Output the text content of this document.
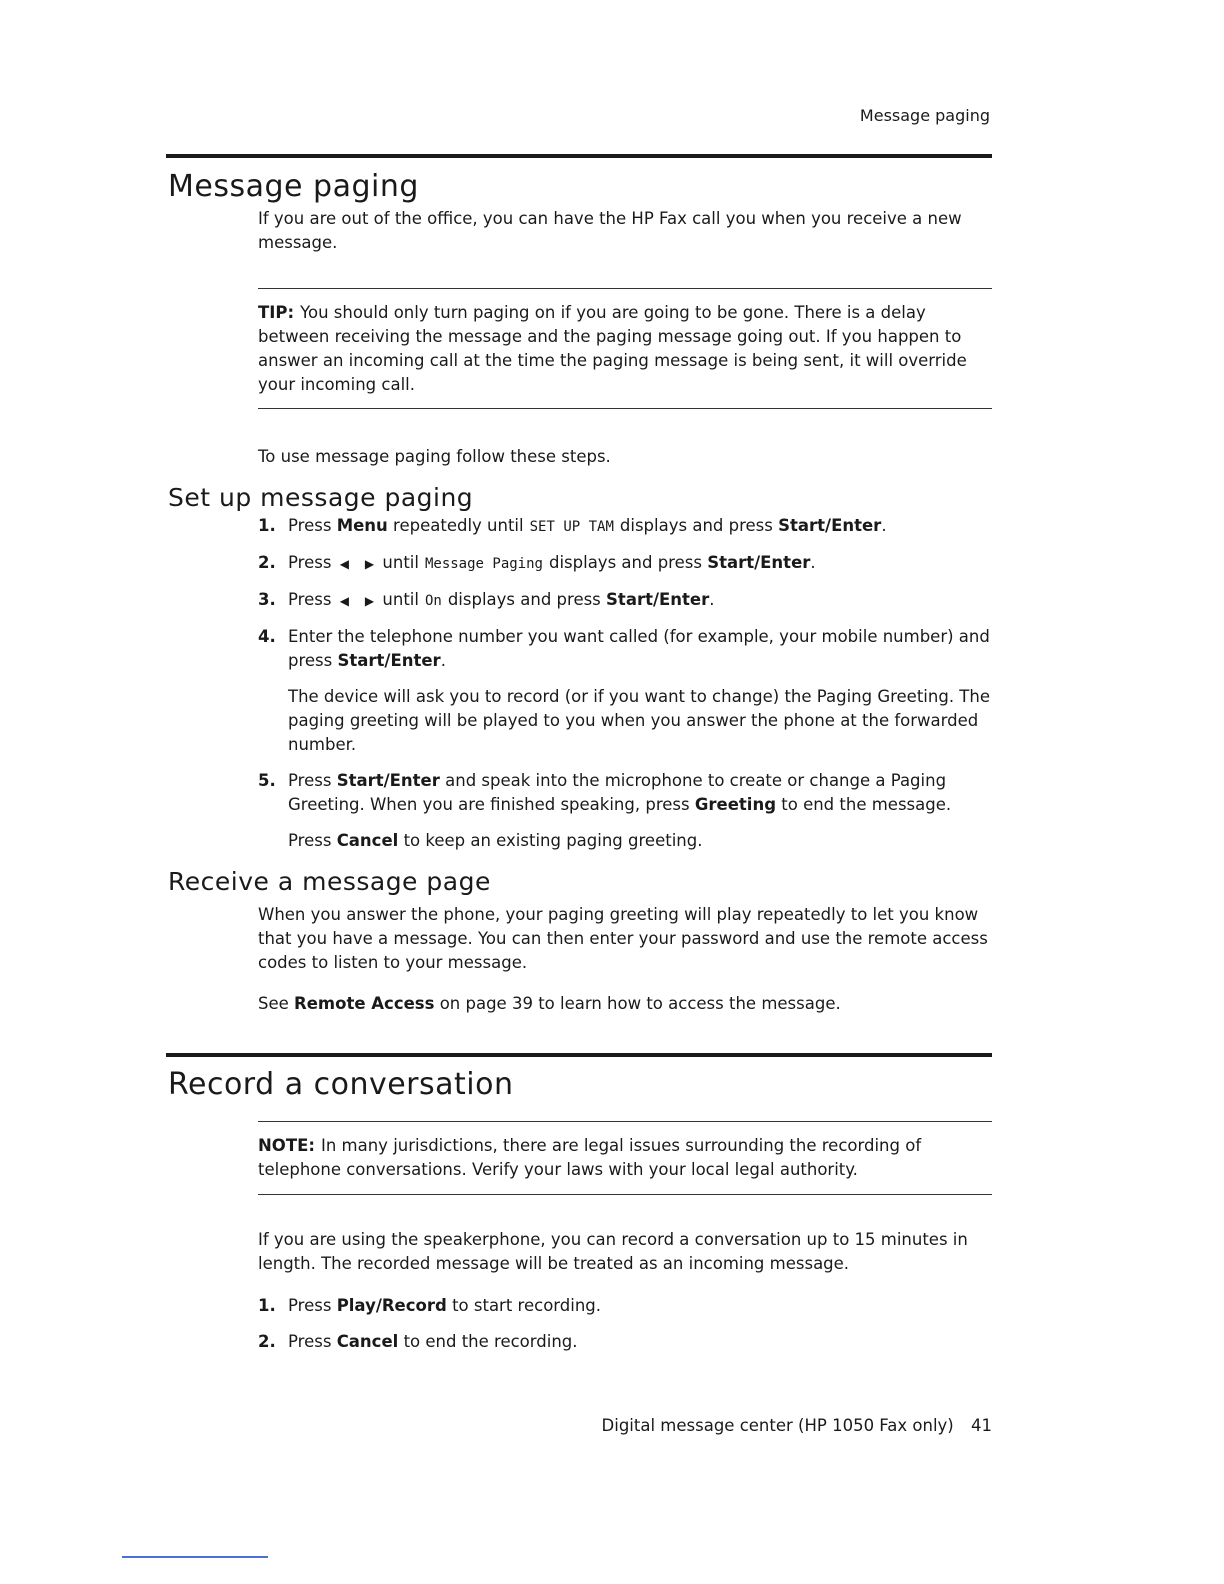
Message paging
Message paging

If you are out of the office, you can have the HP Fax call you when you receive a new message.

TIP: You should only turn paging on if you are going to be gone. There is a delay between receiving the message and the paging message going out. If you happen to answer an incoming call at the time the paging message is being sent, it will override your incoming call.

To use message paging follow these steps.

Set up message paging
1. Press Menu repeatedly until SET UP TAM displays and press Start/Enter.
2. Press ◀ ▶ until Message Paging displays and press Start/Enter.
3. Press ◀ ▶ until On displays and press Start/Enter.
4. Enter the telephone number you want called (for example, your mobile number) and press Start/Enter.
The device will ask you to record (or if you want to change) the Paging Greeting. The paging greeting will be played to you when you answer the phone at the forwarded number.
5. Press Start/Enter and speak into the microphone to create or change a Paging Greeting. When you are finished speaking, press Greeting to end the message.
Press Cancel to keep an existing paging greeting.
Receive a message page

When you answer the phone, your paging greeting will play repeatedly to let you know that you have a message. You can then enter your password and use the remote access codes to listen to your message.

See Remote Access on page 39 to learn how to access the message.

Record a conversation

NOTE: In many jurisdictions, there are legal issues surrounding the recording of telephone conversations. Verify your laws with your local legal authority.

If you are using the speakerphone, you can record a conversation up to 15 minutes in length. The recorded message will be treated as an incoming message.

1. Press Play/Record to start recording.
2. Press Cancel to end the recording.
Digital message center (HP 1050 Fax only) 41
